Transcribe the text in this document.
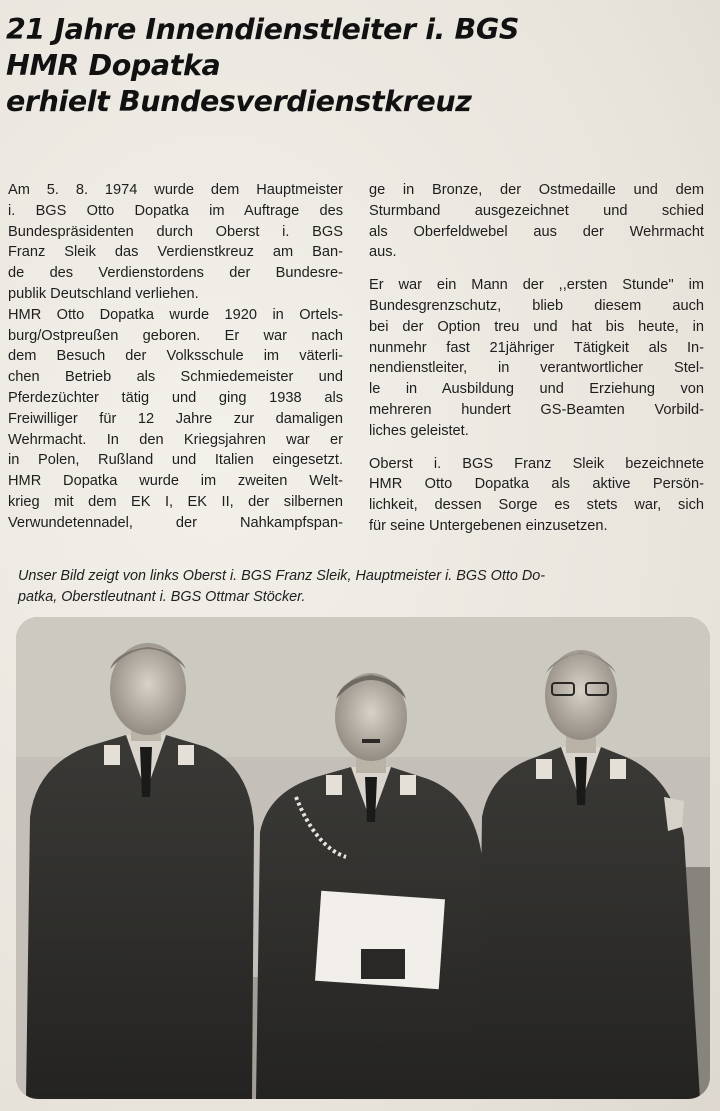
21 Jahre Innendienstleiter i. BGS
HMR Dopatka
erhielt Bundesverdienstkreuz
Am 5. 8. 1974 wurde dem Hauptmeister
i. BGS Otto Dopatka im Auftrage des
Bundespräsidenten durch Oberst i. BGS
Franz Sleik das Verdienstkreuz am Ban-
de des Verdienstordens der Bundesre-
publik Deutschland verliehen.
HMR Otto Dopatka wurde 1920 in Ortels-
burg/Ostpreußen geboren. Er war nach
dem Besuch der Volksschule im väterli-
chen Betrieb als Schmiedemeister und
Pferdezüchter tätig und ging 1938 als
Freiwilliger für 12 Jahre zur damaligen
Wehrmacht. In den Kriegsjahren war er
in Polen, Rußland und Italien eingesetzt.
HMR Dopatka wurde im zweiten Welt-
krieg mit dem EK I, EK II, der silbernen
Verwundetennadel, der Nahkampfspan-
ge in Bronze, der Ostmedaille und dem
Sturmband ausgezeichnet und schied
als Oberfeldwebel aus der Wehrmacht
aus.
Er war ein Mann der ,,ersten Stunde" im
Bundesgrenzschutz, blieb diesem auch
bei der Option treu und hat bis heute, in
nunmehr fast 21jähriger Tätigkeit als In-
nendienstleiter, in verantwortlicher Stel-
le in Ausbildung und Erziehung von
mehreren hundert GS-Beamten Vorbild-
liches geleistet.
Oberst i. BGS Franz Sleik bezeichnete
HMR Otto Dopatka als aktive Persön-
lichkeit, dessen Sorge es stets war, sich
für seine Untergebenen einzusetzen.
Unser Bild zeigt von links Oberst i. BGS Franz Sleik, Hauptmeister i. BGS Otto Do-
patka, Oberstleutnant i. BGS Ottmar Stöcker.
